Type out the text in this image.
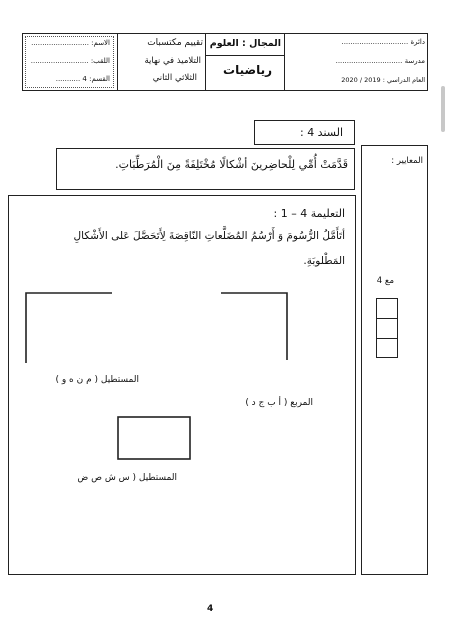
الاسم: ..........................
اللقب: ..........................
القسم: 4 ...........
تقييم مكتسبات
التلاميذ في نهاية
الثلاثي الثاني
المجال : العلوم
رياضيات
دائرة ..............................
مدرسة ..............................
العام الدراسي : 2019 / 2020
السند 4 :
قَدَّمَتْ أُمِّي لِلْحاضِرينَ أشْكالًا مُخْتَلِفَةً مِنَ الْمُرَطِّبَاتِ.	المعايير :
مع 4
التعليمة 4 – 1 :
أتَأَمَّلُ الرُّسُومَ وَ أَرْسُمُ المُضَلَّعاتِ النّاقِصَةَ لِأَتَحَصَّلَ عَلى الأَشْكالِ
المَطْلوبَةِ.
المستطيل ( م ن ه و )
المربع ( أ ب ج د )
المستطيل ( س ش ص ض
4
